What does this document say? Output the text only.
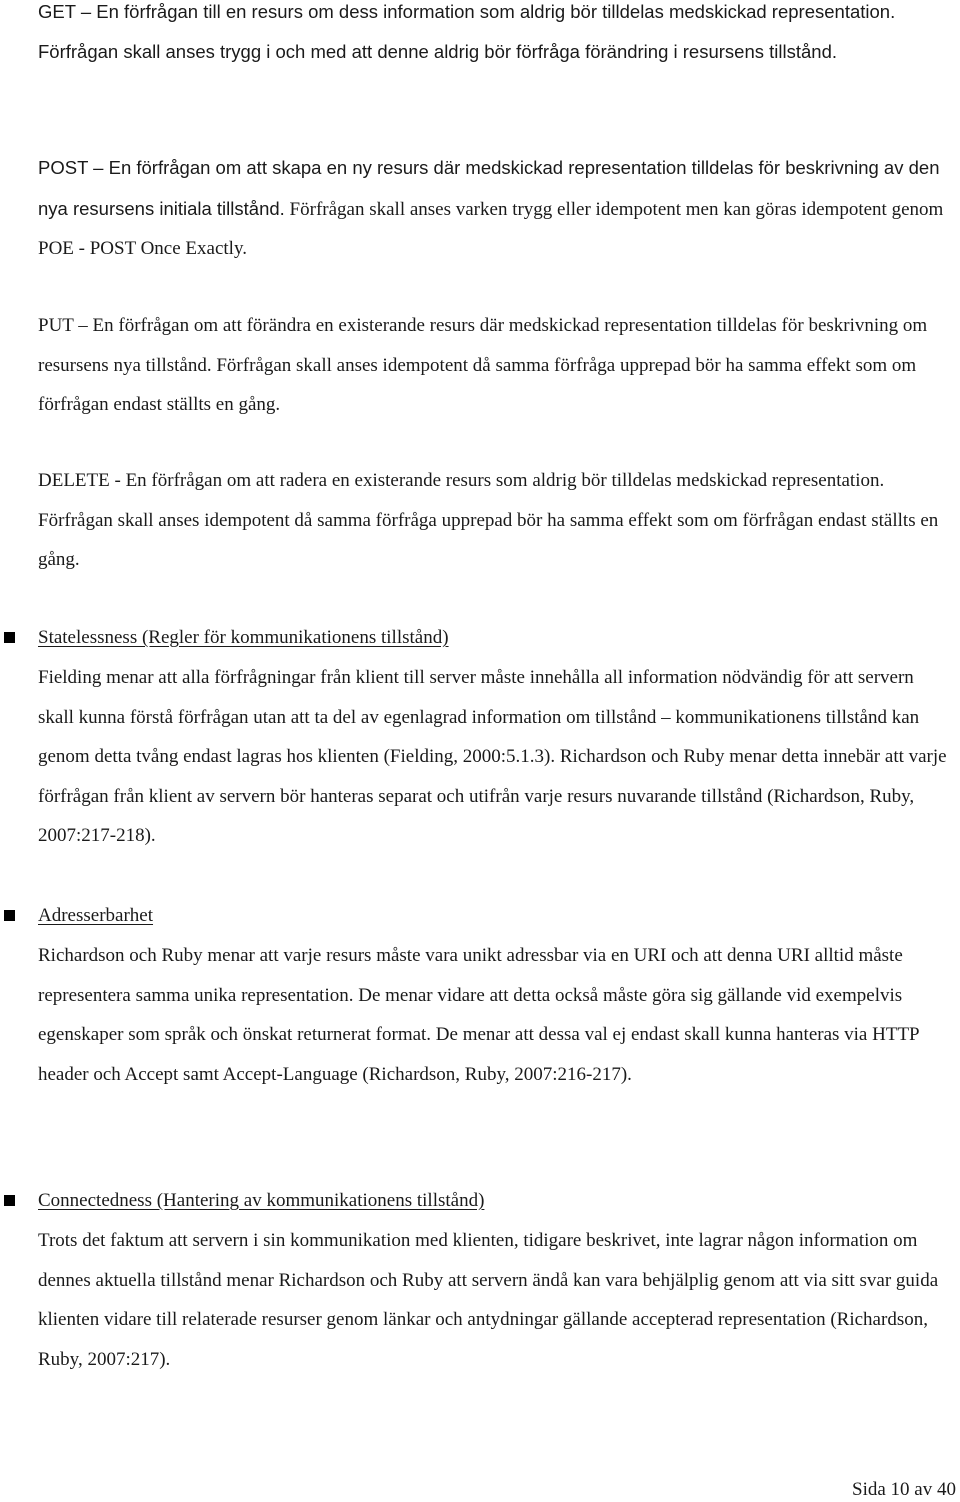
GET – En förfrågan till en resurs om dess information som aldrig bör tilldelas medskickad representation. Förfrågan skall anses trygg i och med att denne aldrig bör förfråga förändring i resursens tillstånd.

POST – En förfrågan om att skapa en ny resurs där medskickad representation tilldelas för beskrivning av den nya resursens initiala tillstånd. Förfrågan skall anses varken trygg eller idempotent men kan göras idempotent genom POE - POST Once Exactly.

PUT – En förfrågan om att förändra en existerande resurs där medskickad representation tilldelas för beskrivning om resursens nya tillstånd. Förfrågan skall anses idempotent då samma förfråga upprepad bör ha samma effekt som om förfrågan endast ställts en gång.

DELETE - En förfrågan om att radera en existerande resurs som aldrig bör tilldelas medskickad representation. Förfrågan skall anses idempotent då samma förfråga upprepad bör ha samma effekt som om förfrågan endast ställts en gång.

Statelessness (Regler för kommunikationens tillstånd)

Fielding menar att alla förfrågningar från klient till server måste innehålla all information nödvändig för att servern skall kunna förstå förfrågan utan att ta del av egenlagrad information om tillstånd – kommunikationens tillstånd kan genom detta tvång endast lagras hos klienten (Fielding, 2000:5.1.3). Richardson och Ruby menar detta innebär att varje förfrågan från klient av servern bör hanteras separat och utifrån varje resurs nuvarande tillstånd (Richardson, Ruby, 2007:217-218).

Adresserbarhet

Richardson och Ruby menar att varje resurs måste vara unikt adressbar via en URI och att denna URI alltid måste representera samma unika representation. De menar vidare att detta också måste göra sig gällande vid exempelvis egenskaper som språk och önskat returnerat format. De menar att dessa val ej endast skall kunna hanteras via HTTP header och Accept samt Accept-Language (Richardson, Ruby, 2007:216-217).

Connectedness (Hantering av kommunikationens tillstånd)

Trots det faktum att servern i sin kommunikation med klienten, tidigare beskrivet, inte lagrar någon information om dennes aktuella tillstånd menar Richardson och Ruby att servern ändå kan vara behjälplig genom att via sitt svar guida klienten vidare till relaterade resurser genom länkar och antydningar gällande accepterad representation (Richardson, Ruby, 2007:217).

Sida 10 av 40
